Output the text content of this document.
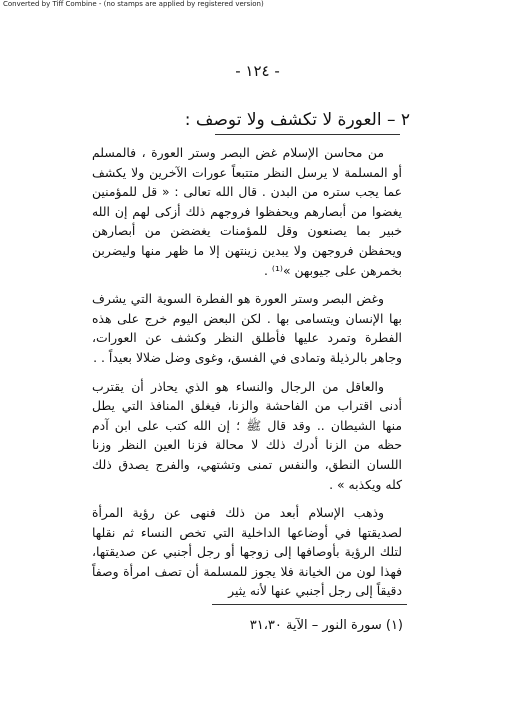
Converted by Tiff Combine - (no stamps are applied by registered version)
- ١٢٤ -
٢ – العورة لا تكشف ولا توصف :

من محاسن الإسلام غض البصر وستر العورة ، فالمسلم أو المسلمة لا يرسل النظر متتبعاً عورات الآخرين ولا يكشف عما يجب ستره من البدن . قال الله تعالى : « قل للمؤمنين يغضوا من أبصارهم ويحفظوا فروجهم ذلك أزكى لهم إن الله خبير بما يصنعون وقل للمؤمنات يغضضن من أبصارهن ويحفظن فروجهن ولا يبدين زينتهن إلا ما ظهر منها وليضربن بخمرهن على جيوبهن »⁽¹⁾ .

وغض البصر وستر العورة هو الفطرة السوية التي يشرف بها الإنسان ويتسامى بها . لكن البعض اليوم خرج على هذه الفطرة وتمرد عليها فأطلق النظر وكشف عن العورات، وجاهر بالرذيلة وتمادى في الفسق، وغوى وضل ضلالا بعيداً . .

والعاقل من الرجال والنساء هو الذي يحاذر أن يقترب أدنى اقتراب من الفاحشة والزنا، فيغلق المنافذ التي يطل منها الشيطان .. وقد قال ﷺ ؛ إن الله كتب على ابن آدم حظه من الزنا أدرك ذلك لا محالة فزنا العين النظر وزنا اللسان النطق، والنفس تمنى وتشتهي، والفرج يصدق ذلك كله ويكذبه » .

وذهب الإسلام أبعد من ذلك فنهى عن رؤية المرأة لصديقتها في أوضاعها الداخلية التي تخص النساء ثم نقلها لتلك الرؤية بأوصافها إلى زوجها أو رجل أجنبي عن صديقتها، فهذا لون من الخيانة فلا يجوز للمسلمة أن تصف امرأة وصفاً دقيقاً إلى رجل أجنبي عنها لأنه يثير

(١) سورة النور – الآية ٣١،٣٠
